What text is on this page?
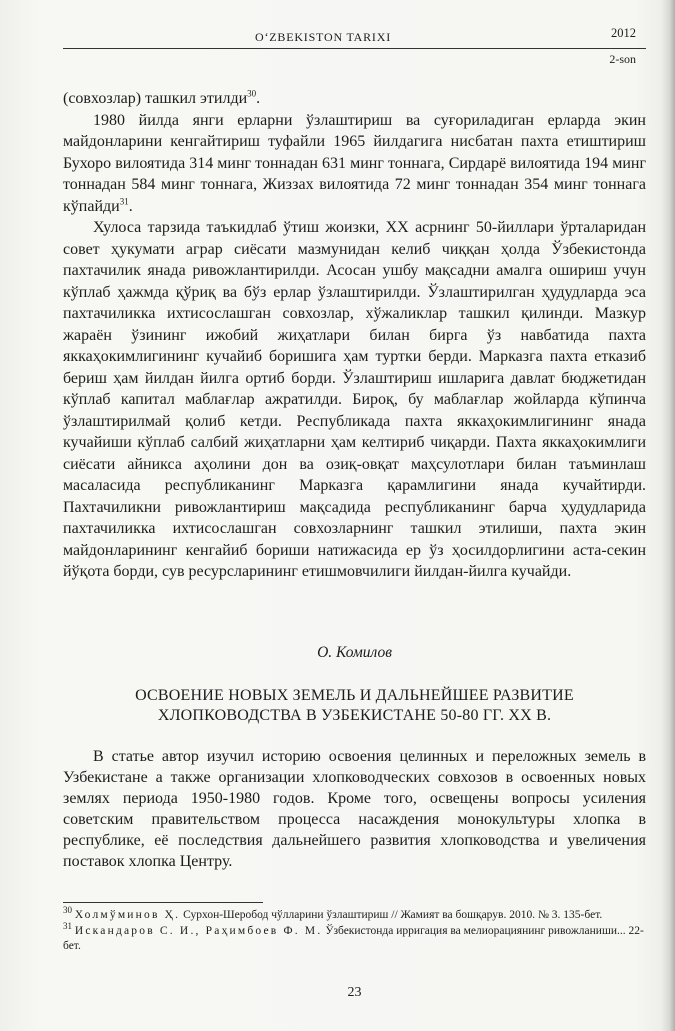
O‘ZBEKISTON TARIXI	2012
2-son

(совхозлар) ташкил этилди$^{30}$.

1980 йилда янги ерларни ўзлаштириш ва суғориладиган ерларда экин майдонларини кенгайтириш туфайли 1965 йилдагига нисбатан пахта етиштириш Бухоро вилоятида 314 минг тоннадан 631 минг тоннага, Сирдарё вилоятида 194 минг тоннадан 584 минг тоннага, Жиззах вилоятида 72 минг тоннадан 354 минг тоннага кўпайди$^{31}$.

Хулоса тарзида таъкидлаб ўтиш жоизки, XX асрнинг 50-йиллари ўрталаридан совет ҳукумати аграр сиёсати мазмунидан келиб чиққан ҳолда Ўзбекистонда пахтачилик янада ривожлантирилди. Асосан ушбу мақсадни амалга ошириш учун кўплаб ҳажмда қўриқ ва бўз ерлар ўзлаштирилди. Ўзлаштирилган ҳудудларда эса пахтачиликка ихтисослашган совхозлар, хўжаликлар ташкил қилинди. Мазкур жараён ўзининг ижобий жиҳатлари билан бирга ўз навбатида пахта яккаҳокимлигининг кучайиб боришига ҳам туртки берди. Марказга пахта етказиб бериш ҳам йилдан йилга ортиб борди. Ўзлаштириш ишларига давлат бюджетидан кўплаб капитал маблағлар ажратилди. Бироқ, бу маблағлар жойларда кўпинча ўзлаштирилмай қолиб кетди. Республикада пахта яккаҳокимлигининг янада кучайиши кўплаб салбий жиҳатларни ҳам келтириб чиқарди. Пахта яккаҳокимлиги сиёсати айникса аҳолини дон ва озиқ-овқат маҳсулотлари билан таъминлаш масаласида республиканинг Марказга қарамлигини янада кучайтирди. Пахтачиликни ривожлантириш мақсадида республиканинг барча ҳудудларида пахтачиликка ихтисослашган совхозларнинг ташкил этилиши, пахта экин майдонларининг кенгайиб бориши натижасида ер ўз ҳосилдорлигини аста-секин йўқота борди, сув ресурсларининг етишмовчилиги йилдан-йилга кучайди.

О. Комилов
ОСВОЕНИЕ НОВЫХ ЗЕМЕЛЬ И ДАЛЬНЕЙШЕЕ РАЗВИТИЕ
ХЛОПКОВОДСТВА В УЗБЕКИСТАНЕ 50-80 ГГ. XX В.

В статье автор изучил историю освоения целинных и переложных земель в Узбекистане а также организации хлопководческих совхозов в освоенных новых землях периода 1950-1980 годов. Кроме того, освещены вопросы усиления советским правительством процесса насаждения монокультуры хлопка в республике, её последствия дальнейшего развития хлопководства и увеличения поставок хлопка Центру.

$^{30}$ Холмўминов Ҳ. Сурхон-Шеробод чўлларини ўзлаштириш // Жамият ва бошқарув. 2010. № 3. 135-бет.

$^{31}$ Искандаров С. И., Раҳимбоев Ф. М. Ўзбекистонда ирригация ва мелиорациянинг ривожланиши... 22-бет.

23
